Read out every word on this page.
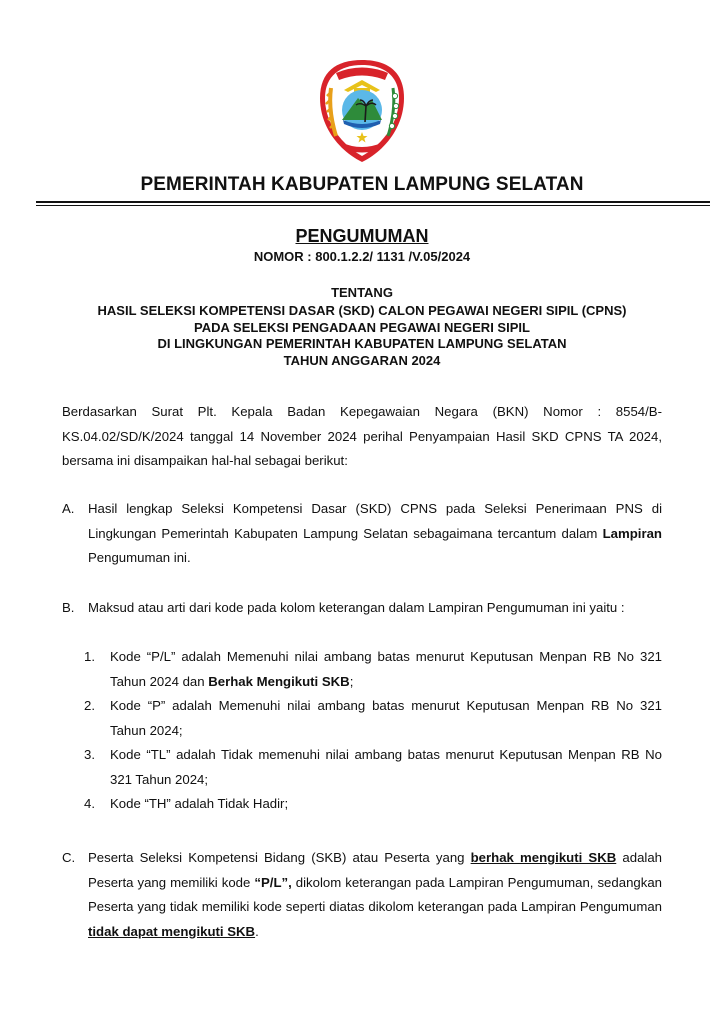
PEMERINTAH KABUPATEN LAMPUNG SELATAN
PENGUMUMAN
NOMOR : 800.1.2.2/ 1131 /V.05/2024
TENTANG
HASIL SELEKSI KOMPETENSI DASAR (SKD) CALON PEGAWAI NEGERI SIPIL (CPNS)
PADA SELEKSI PENGADAAN PEGAWAI NEGERI SIPIL
DI LINGKUNGAN PEMERINTAH KABUPATEN LAMPUNG SELATAN
TAHUN ANGGARAN 2024
Berdasarkan Surat Plt. Kepala Badan Kepegawaian Negara (BKN) Nomor : 8554/B-KS.04.02/SD/K/2024 tanggal 14 November 2024 perihal Penyampaian Hasil SKD CPNS TA 2024, bersama ini disampaikan hal-hal sebagai berikut:
A. Hasil lengkap Seleksi Kompetensi Dasar (SKD) CPNS pada Seleksi Penerimaan PNS di Lingkungan Pemerintah Kabupaten Lampung Selatan sebagaimana tercantum dalam Lampiran Pengumuman ini.
B. Maksud atau arti dari kode pada kolom keterangan dalam Lampiran Pengumuman ini yaitu :
1. Kode “P/L” adalah Memenuhi nilai ambang batas menurut Keputusan Menpan RB No 321 Tahun 2024 dan Berhak Mengikuti SKB;
2. Kode “P” adalah Memenuhi nilai ambang batas menurut Keputusan Menpan RB No 321 Tahun 2024;
3. Kode “TL” adalah Tidak memenuhi nilai ambang batas menurut Keputusan Menpan RB No 321 Tahun 2024;
4. Kode “TH” adalah Tidak Hadir;
C. Peserta Seleksi Kompetensi Bidang (SKB) atau Peserta yang berhak mengikuti SKB adalah Peserta yang memiliki kode “P/L”, dikolom keterangan pada Lampiran Pengumuman, sedangkan Peserta yang tidak memiliki kode seperti diatas dikolom keterangan pada Lampiran Pengumuman tidak dapat mengikuti SKB.
